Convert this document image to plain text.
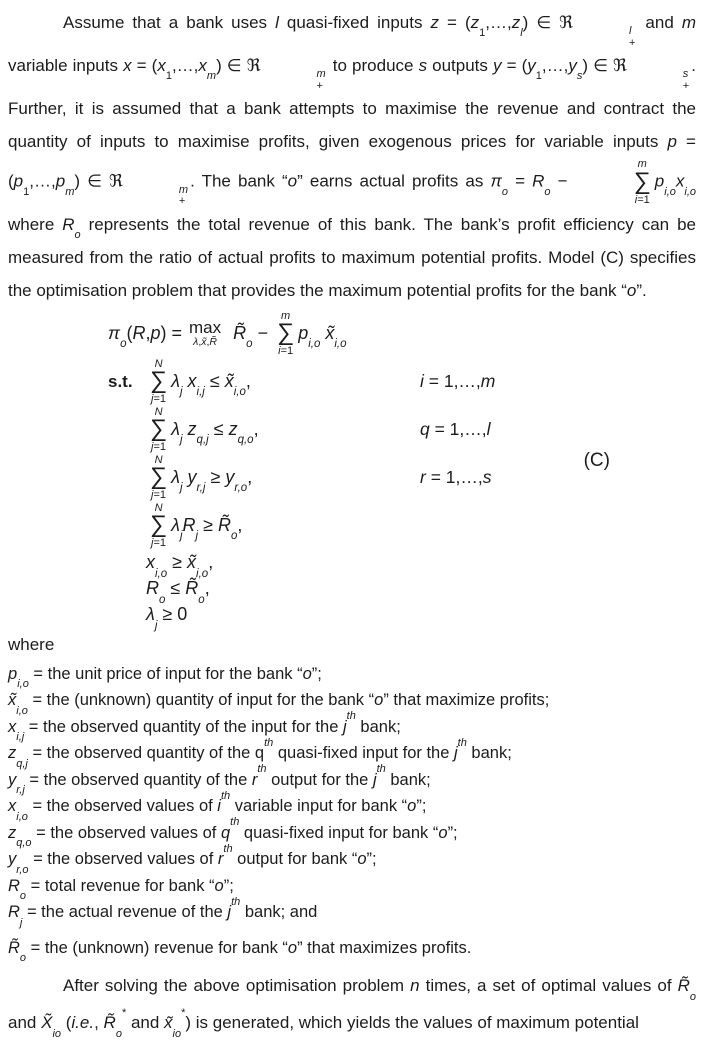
Assume that a bank uses l quasi-fixed inputs $z = (z_1,\dots,z_l)$ ∈ ℜ	l
+
and m variable inputs $x = (x_1,\dots,x_m)$ ∈ ℜ	m
+
to produce s outputs $y = (y_1,\dots,y_s)$ ∈ ℜ	s
+
. Further, it is assumed that a bank attempts to maximise the revenue and contract the quantity of inputs to maximise profits, given exogenous prices for variable inputs $p = (p_1,\dots,p_m)$ ∈ ℜ	m
+
. The bank “o” earns actual profits as $\pi_o = R_o$ −
m
∑
i=1
$p_{i,o}x_{i,o}$ where $R_o$ represents the total revenue of this bank. The bank’s profit efficiency can be measured from the ratio of actual profits to maximum potential profits. Model (C) specifies the optimisation problem that provides the maximum potential profits for the bank “o”.

$\pi_o(R,p) = \max$
λ,x̃,R̃ $R̃_o$ −
m
∑
i=1
$p_{i,o}$ $x̃_{i,o}$
s.t.
N
∑
j=1
$\lambda_j$ $x_{i,j}$ ≤ $x̃_{i,o}$,	i = 1,…,m
N
∑
j=1
$\lambda_j$ $z_{q,j} \le z_{q,o}$,	q = 1,…,l
N
∑
j=1
$\lambda_j$ $y_{r,j} \ge y_{r,o}$,	r = 1,…,s
N
∑
j=1
$\lambda_jR_j$ ≥ $R̃_o$,
$x_{i,o}$ ≥ $x̃_{i,o}$,
$R_o$ ≤ $R̃_o$,
$\lambda_j \ge 0$
(C)
where
$p_{i,o}$ = the unit price of input for the bank “o”;
$x̃_{i,o}$ = the (unknown) quantity of input for the bank “o” that maximize profits;
$x_{i,j}$ = the observed quantity of the input for the $j^{th}$ bank;
$z_{q,j}$ = the observed quantity of the $q^{th}$ quasi-fixed input for the $j^{th}$ bank;
$y_{r,j}$ = the observed quantity of the $r^{th}$ output for the $j^{th}$ bank;
$x_{i,o}$ = the observed values of $i^{th}$ variable input for bank “o”;
$z_{q,o}$ = the observed values of $q^{th}$ quasi-fixed input for bank “o”;
$y_{r,o}$ = the observed values of $r^{th}$ output for bank “o”;
$R_o$ = total revenue for bank “o”;
$R_j$ = the actual revenue of the $j^{th}$ bank; and
$R̃_o$ = the (unknown) revenue for bank “o” that maximizes profits.

After solving the above optimisation problem n times, a set of optimal values of $R̃_o$ and $X̃_{io}$ (i.e., $R̃_o^*$ and $x̃_{io}^*$) is generated, which yields the values of maximum potential
